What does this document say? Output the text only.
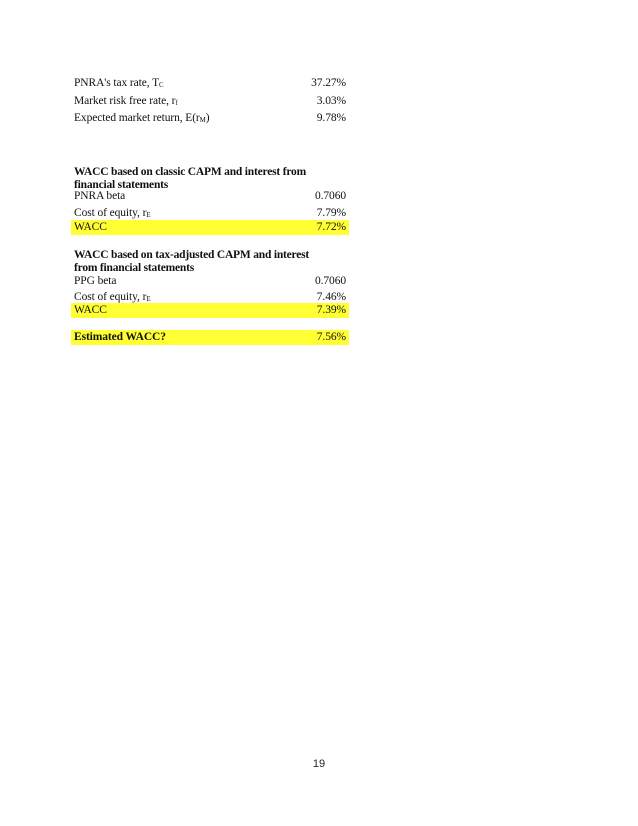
PNRA's tax rate, TC	37.27%
Market risk free rate, rf	3.03%
Expected market return, E(rM)	9.78%
WACC based on classic CAPM and interest from
financial statements
PNRA beta	0.7060
Cost of equity, rE	7.79%
WACC	7.72%
WACC based on tax-adjusted CAPM and interest
from financial statements
PPG beta	0.7060
Cost of equity, rE	7.46%
WACC	7.39%
Estimated WACC?	7.56%
19
